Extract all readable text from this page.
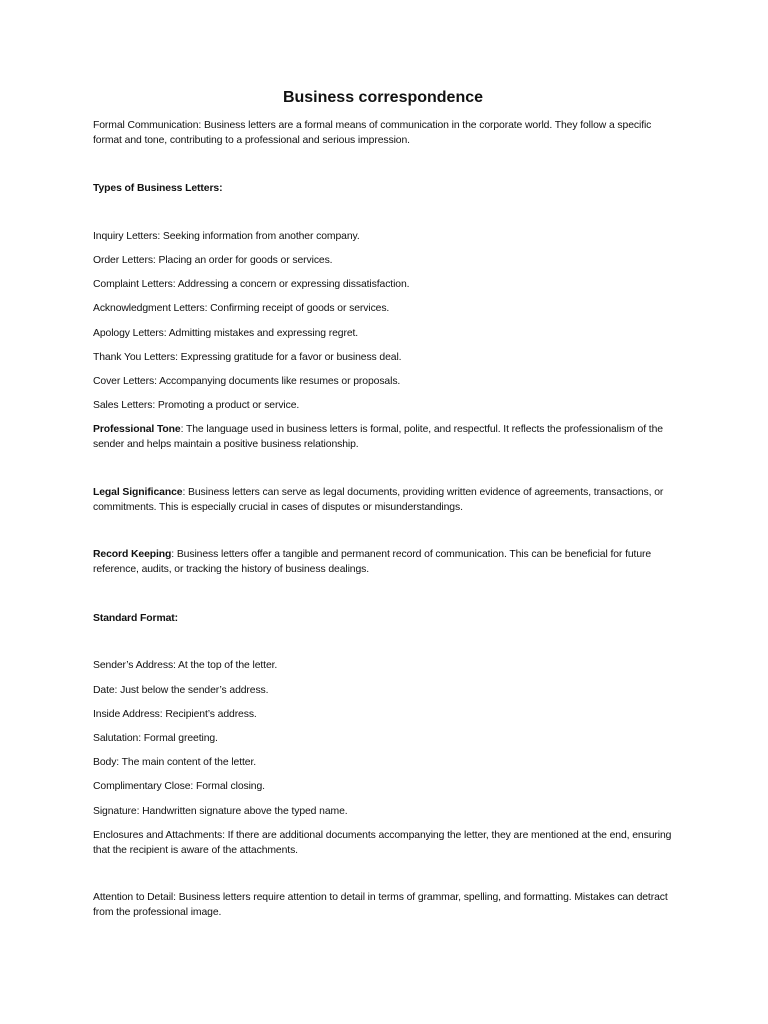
Business correspondence

Formal Communication: Business letters are a formal means of communication in the corporate world. They follow a specific format and tone, contributing to a professional and serious impression.

Types of Business Letters:

Inquiry Letters: Seeking information from another company.

Order Letters: Placing an order for goods or services.

Complaint Letters: Addressing a concern or expressing dissatisfaction.

Acknowledgment Letters: Confirming receipt of goods or services.

Apology Letters: Admitting mistakes and expressing regret.

Thank You Letters: Expressing gratitude for a favor or business deal.

Cover Letters: Accompanying documents like resumes or proposals.

Sales Letters: Promoting a product or service.

Professional Tone: The language used in business letters is formal, polite, and respectful. It reflects the professionalism of the sender and helps maintain a positive business relationship.

Legal Significance: Business letters can serve as legal documents, providing written evidence of agreements, transactions, or commitments. This is especially crucial in cases of disputes or misunderstandings.

Record Keeping: Business letters offer a tangible and permanent record of communication. This can be beneficial for future reference, audits, or tracking the history of business dealings.

Standard Format:

Sender’s Address: At the top of the letter.

Date: Just below the sender’s address.

Inside Address: Recipient’s address.

Salutation: Formal greeting.

Body: The main content of the letter.

Complimentary Close: Formal closing.

Signature: Handwritten signature above the typed name.

Enclosures and Attachments: If there are additional documents accompanying the letter, they are mentioned at the end, ensuring that the recipient is aware of the attachments.

Attention to Detail: Business letters require attention to detail in terms of grammar, spelling, and formatting. Mistakes can detract from the professional image.
